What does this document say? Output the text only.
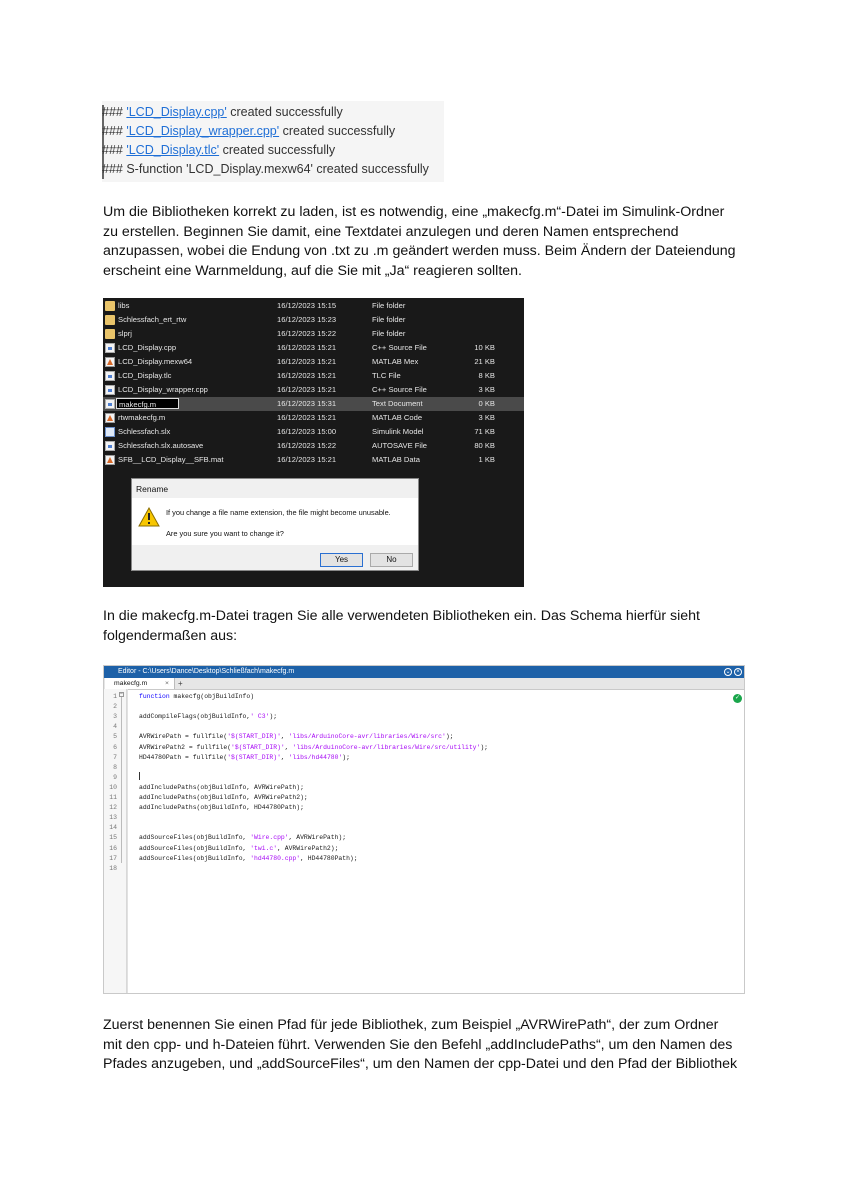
### 'LCD_Display.cpp' created successfully
### 'LCD_Display_wrapper.cpp' created successfully
### 'LCD_Display.tlc' created successfully
### S-function 'LCD_Display.mexw64' created successfully
Um die Bibliotheken korrekt zu laden, ist es notwendig, eine „makecfg.m“-Datei im Simulink-Ordner
zu erstellen. Beginnen Sie damit, eine Textdatei anzulegen und deren Namen entsprechend
anzupassen, wobei die Endung von .txt zu .m geändert werden muss. Beim Ändern der Dateiendung
erscheint eine Warnmeldung, auf die Sie mit „Ja“ reagieren sollten.
libs	16/12/2023 15:15	File folder
Schlessfach_ert_rtw	16/12/2023 15:23	File folder
slprj	16/12/2023 15:22	File folder
LCD_Display.cpp	16/12/2023 15:21	C++ Source File	10 KB
LCD_Display.mexw64	16/12/2023 15:21	MATLAB Mex	21 KB
LCD_Display.tlc	16/12/2023 15:21	TLC File	8 KB
LCD_Display_wrapper.cpp	16/12/2023 15:21	C++ Source File	3 KB
makecfg.m	16/12/2023 15:31	Text Document	0 KB
rtwmakecfg.m	16/12/2023 15:21	MATLAB Code	3 KB
Schlessfach.slx	16/12/2023 15:00	Simulink Model	71 KB
Schlessfach.slx.autosave	16/12/2023 15:22	AUTOSAVE File	80 KB
SFB__LCD_Display__SFB.mat	16/12/2023 15:21	MATLAB Data	1 KB
Rename
If you change a file name extension, the file might become unusable.
Are you sure you want to change it?
Yes	No
In die makecfg.m-Datei tragen Sie alle verwendeten Bibliotheken ein. Das Schema hierfür sieht
folgendermaßen aus:
Editor - C:\Users\Dance\Desktop\Schließfach\makecfg.m	⌄ ×
makecfg.m	× +
1
2
3
4
5
6
7
8
9
10
11
12
13
14
15
16
17
18
−	function makecfg(objBuildInfo)
addCompileFlags(objBuildInfo,' C3');
AVRWirePath = fullfile('$(START_DIR)', 'libs/ArduinoCore-avr/libraries/Wire/src');
AVRWirePath2 = fullfile('$(START_DIR)', 'libs/ArduinoCore-avr/libraries/Wire/src/utility');
HD44780Path = fullfile('$(START_DIR)', 'libs/hd44780');
addIncludePaths(objBuildInfo, AVRWirePath);
addIncludePaths(objBuildInfo, AVRWirePath2);
addIncludePaths(objBuildInfo, HD44780Path);
addSourceFiles(objBuildInfo, 'Wire.cpp', AVRWirePath);
addSourceFiles(objBuildInfo, 'twi.c', AVRWirePath2);
addSourceFiles(objBuildInfo, 'hd44780.cpp', HD44780Path);
✓
Zuerst benennen Sie einen Pfad für jede Bibliothek, zum Beispiel „AVRWirePath“, der zum Ordner
mit den cpp- und h-Dateien führt. Verwenden Sie den Befehl „addIncludePaths“, um den Namen des
Pfades anzugeben, und „addSourceFiles“, um den Namen der cpp-Datei und den Pfad der Bibliothek
